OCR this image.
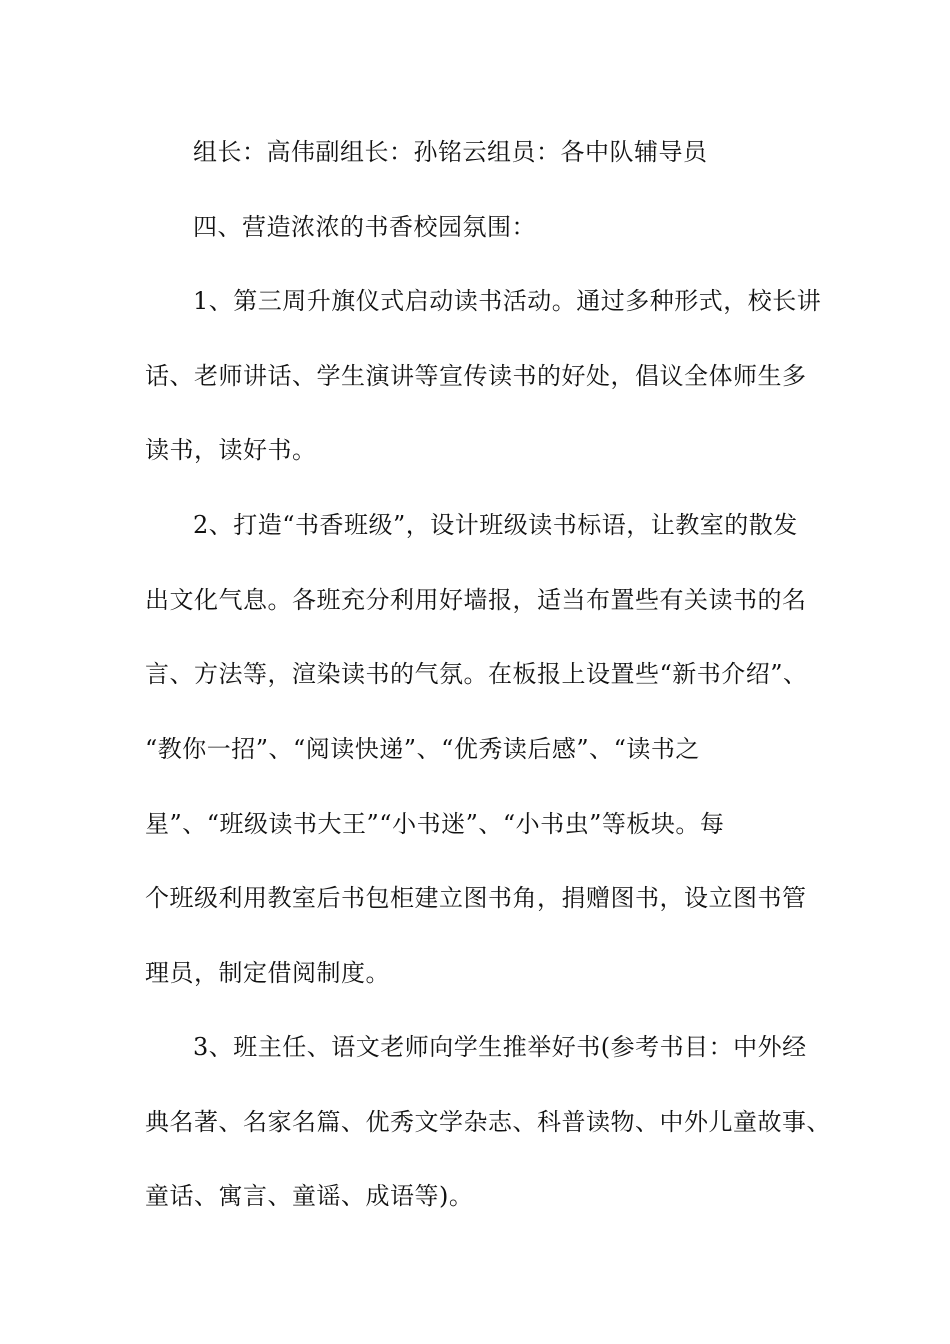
组长：高伟副组长：孙铭云组员：各中队辅导员
四、营造浓浓的书香校园氛围：
1、第三周升旗仪式启动读书活动。通过多种形式，校长讲
话、老师讲话、学生演讲等宣传读书的好处，倡议全体师生多
读书，读好书。
2、打造“书香班级”，设计班级读书标语，让教室的散发
出文化气息。各班充分利用好墙报，适当布置些有关读书的名
言、方法等，渲染读书的气氛。在板报上设置些“新书介绍”、
“教你一招”、“阅读快递”、“优秀读后感”、“读书之
星”、“班级读书大王”“小书迷”、“小书虫”等板块。每
个班级利用教室后书包柜建立图书角，捐赠图书，设立图书管
理员，制定借阅制度。
3、班主任、语文老师向学生推举好书(参考书目：中外经
典名著、名家名篇、优秀文学杂志、科普读物、中外儿童故事、
童话、寓言、童谣、成语等)。
